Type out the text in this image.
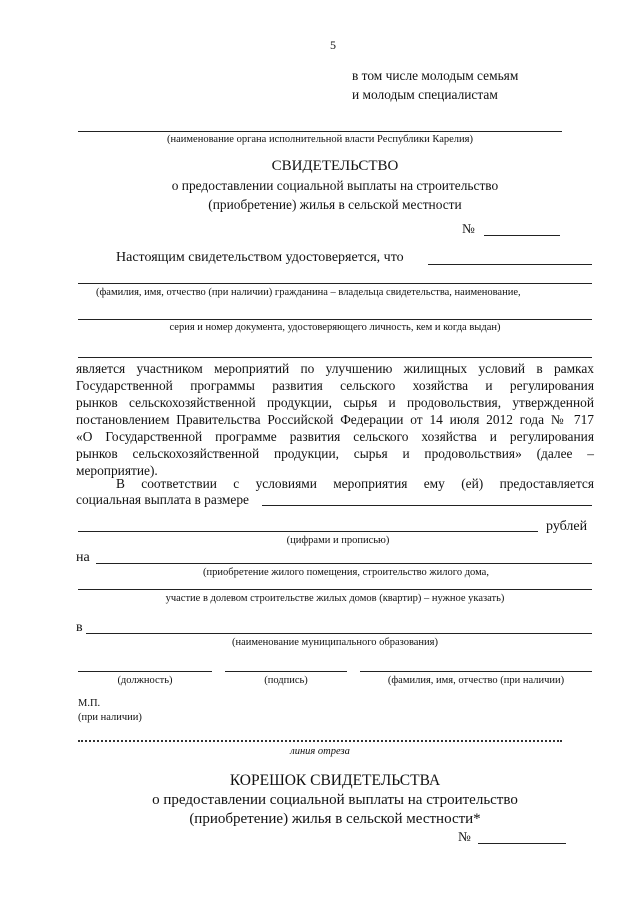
5
в том числе молодым семьям
и молодым специалистам
(наименование органа исполнительной власти Республики Карелия)
СВИДЕТЕЛЬСТВО
о предоставлении социальной выплаты на строительство
(приобретение) жилья в сельской местности
№
Настоящим свидетельством удостоверяется, что
(фамилия, имя, отчество (при наличии) гражданина – владельца свидетельства, наименование,
серия и номер документа, удостоверяющего личность, кем и когда выдан)
является участником мероприятий по улучшению жилищных условий в рамках
Государственной программы развития сельского хозяйства и регулирования
рынков сельскохозяйственной продукции, сырья и продовольствия, утвержденной
постановлением Правительства Российской Федерации от 14 июля 2012 года № 717
«О Государственной программе развития сельского хозяйства и регулирования
рынков сельскохозяйственной продукции, сырья и продовольствия» (далее –
мероприятие).
В соответствии с условиями мероприятия ему (ей) предоставляется
социальная выплата в размере
рублей
(цифрами и прописью)
на
(приобретение жилого помещения, строительство жилого дома,
участие в долевом строительстве жилых домов (квартир) – нужное указать)
в
(наименование муниципального образования)
(должность)	(подпись)	(фамилия, имя, отчество (при наличии)
М.П.
(при наличии)
линия отреза
КОРЕШОК СВИДЕТЕЛЬСТВА
о предоставлении социальной выплаты на строительство
(приобретение) жилья в сельской местности*
№
